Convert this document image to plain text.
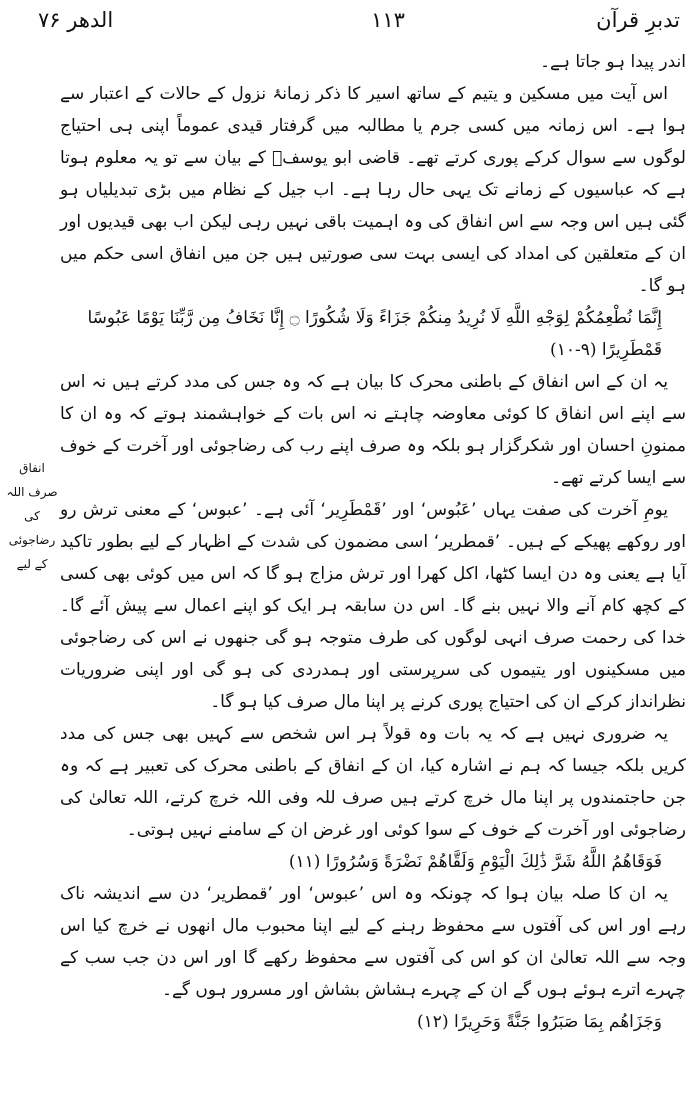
تدبرِ قرآن
۱۱۳
الدھر ۷۶

اندر پیدا ہو جاتا ہے۔

اس آیت میں مسکین و یتیم کے ساتھ اسیر کا ذکر زمانۂ نزول کے حالات کے اعتبار سے ہوا ہے۔ اس زمانہ میں کسی جرم یا مطالبہ میں گرفتار قیدی عموماً اپنی ہی احتیاج لوگوں سے سوال کرکے پوری کرتے تھے۔ قاضی ابو یوسفؒ کے بیان سے تو یہ معلوم ہوتا ہے کہ عباسیوں کے زمانے تک یہی حال رہا ہے۔ اب جیل کے نظام میں بڑی تبدیلیاں ہو گئی ہیں اس وجہ سے اس انفاق کی وہ اہمیت باقی نہیں رہی لیکن اب بھی قیدیوں اور ان کے متعلقین کی امداد کی ایسی بہت سی صورتیں ہیں جن میں انفاق اسی حکم میں ہو گا۔

إِنَّمَا نُطْعِمُكُمْ لِوَجْهِ اللَّهِ لَا نُرِيدُ مِنكُمْ جَزَاءً وَلَا شُكُورًا ۝ إِنَّا نَخَافُ مِن رَّبِّنَا يَوْمًا عَبُوسًا قَمْطَرِيرًا (۹-۱۰)

یہ ان کے اس انفاق کے باطنی محرک کا بیان ہے کہ وہ جس کی مدد کرتے ہیں نہ اس سے اپنے اس انفاق کا کوئی معاوضہ چاہتے نہ اس بات کے خواہشمند ہوتے کہ وہ ان کا ممنونِ احسان اور شکرگزار ہو بلکہ وہ صرف اپنے رب کی رضاجوئی اور آخرت کے خوف سے ایسا کرتے تھے۔

یومِ آخرت کی صفت یہاں ’عَبُوس‘ اور ’قَمْطَرِیر‘ آئی ہے۔ ’عبوس‘ کے معنی ترش رو اور روکھے پھیکے کے ہیں۔ ’قمطریر‘ اسی مضمون کی شدت کے اظہار کے لیے بطور تاکید آیا ہے یعنی وہ دن ایسا کٹھا، اکل کھرا اور ترش مزاج ہو گا کہ اس میں کوئی بھی کسی کے کچھ کام آنے والا نہیں بنے گا۔ اس دن سابقہ ہر ایک کو اپنے اعمال سے پیش آئے گا۔ خدا کی رحمت صرف انہی لوگوں کی طرف متوجہ ہو گی جنھوں نے اس کی رضاجوئی میں مسکینوں اور یتیموں کی سرپرستی اور ہمدردی کی ہو گی اور اپنی ضروریات نظرانداز کرکے ان کی احتیاج پوری کرنے پر اپنا مال صرف کیا ہو گا۔

یہ ضروری نہیں ہے کہ یہ بات وہ قولاً ہر اس شخص سے کہیں بھی جس کی مدد کریں بلکہ جیسا کہ ہم نے اشارہ کیا، ان کے انفاق کے باطنی محرک کی تعبیر ہے کہ وہ جن حاجتمندوں پر اپنا مال خرچ کرتے ہیں صرف للہ وفی اللہ خرچ کرتے، اللہ تعالیٰ کی رضاجوئی اور آخرت کے خوف کے سوا کوئی اور غرض ان کے سامنے نہیں ہوتی۔

فَوَقَاهُمُ اللَّهُ شَرَّ ذَٰلِكَ الْيَوْمِ وَلَقَّاهُمْ نَضْرَةً وَسُرُورًا (۱۱)

یہ ان کا صلہ بیان ہوا کہ چونکہ وہ اس ’عبوس‘ اور ’قمطریر‘ دن سے اندیشہ ناک رہے اور اس کی آفتوں سے محفوظ رہنے کے لیے اپنا محبوب مال انھوں نے خرچ کیا اس وجہ سے اللہ تعالیٰ ان کو اس کی آفتوں سے محفوظ رکھے گا اور اس دن جب سب کے چہرے اترے ہوئے ہوں گے ان کے چہرے ہشاش بشاش اور مسرور ہوں گے۔

وَجَزَاهُم بِمَا صَبَرُوا جَنَّةً وَحَرِيرًا (۱۲)

انفاق صرف اللہ کی رضاجوئی کے لیے
